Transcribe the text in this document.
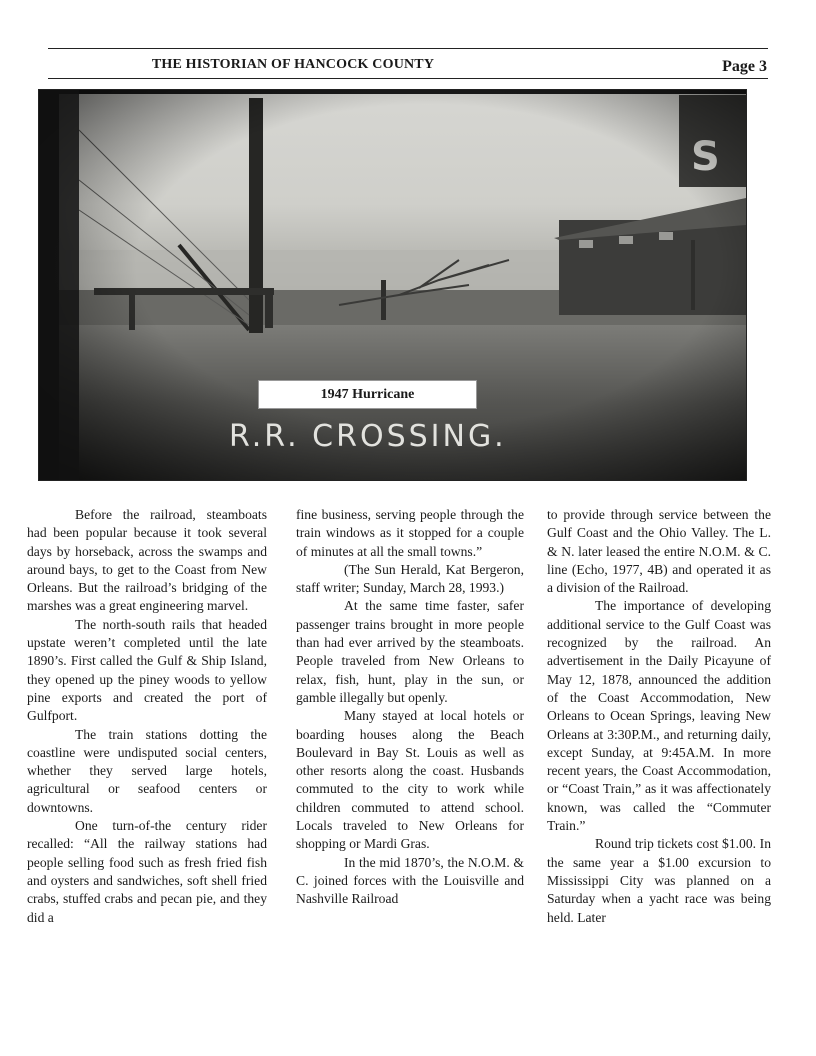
THE HISTORIAN OF HANCOCK COUNTY	Page 3
R.R. CROSSING.
1947 Hurricane

Before the railroad, steamboats had been popular because it took several days by horseback, across the swamps and around bays, to get to the Coast from New Orleans. But the railroad’s bridging of the marshes was a great engineering marvel.

The north-south rails that headed upstate weren’t completed until the late 1890’s. First called the Gulf & Ship Island, they opened up the piney woods to yellow pine exports and created the port of Gulfport.

The train stations dotting the coastline were undisputed social centers, whether they served large hotels, agricultural or seafood centers or downtowns.

One turn-of-the century rider recalled: “All the railway stations had people selling food such as fresh fried fish and oysters and sandwiches, soft shell fried crabs, stuffed crabs and pecan pie, and they did a

fine business, serving people through the train windows as it stopped for a couple of minutes at all the small towns.”

(The Sun Herald, Kat Bergeron, staff writer; Sunday, March 28, 1993.)

At the same time faster, safer passenger trains brought in more people than had ever arrived by the steamboats. People traveled from New Orleans to relax, fish, hunt, play in the sun, or gamble illegally but openly.

Many stayed at local hotels or boarding houses along the Beach Boulevard in Bay St. Louis as well as other resorts along the coast. Husbands commuted to the city to work while children commuted to attend school. Locals traveled to New Orleans for shopping or Mardi Gras.

In the mid 1870’s, the N.O.M. & C. joined forces with the Louisville and Nashville Railroad

to provide through service between the Gulf Coast and the Ohio Valley. The L. & N. later leased the entire N.O.M. & C. line (Echo, 1977, 4B) and operated it as a division of the Railroad.

The importance of developing additional service to the Gulf Coast was recognized by the railroad. An advertisement in the Daily Picayune of May 12, 1878, announced the addition of the Coast Accommodation, New Orleans to Ocean Springs, leaving New Orleans at 3:30P.M., and returning daily, except Sunday, at 9:45A.M. In more recent years, the Coast Accommodation, or “Coast Train,” as it was affectionately known, was called the “Commuter Train.”

Round trip tickets cost $1.00. In the same year a $1.00 excursion to Mississippi City was planned on a Saturday when a yacht race was being held. Later
